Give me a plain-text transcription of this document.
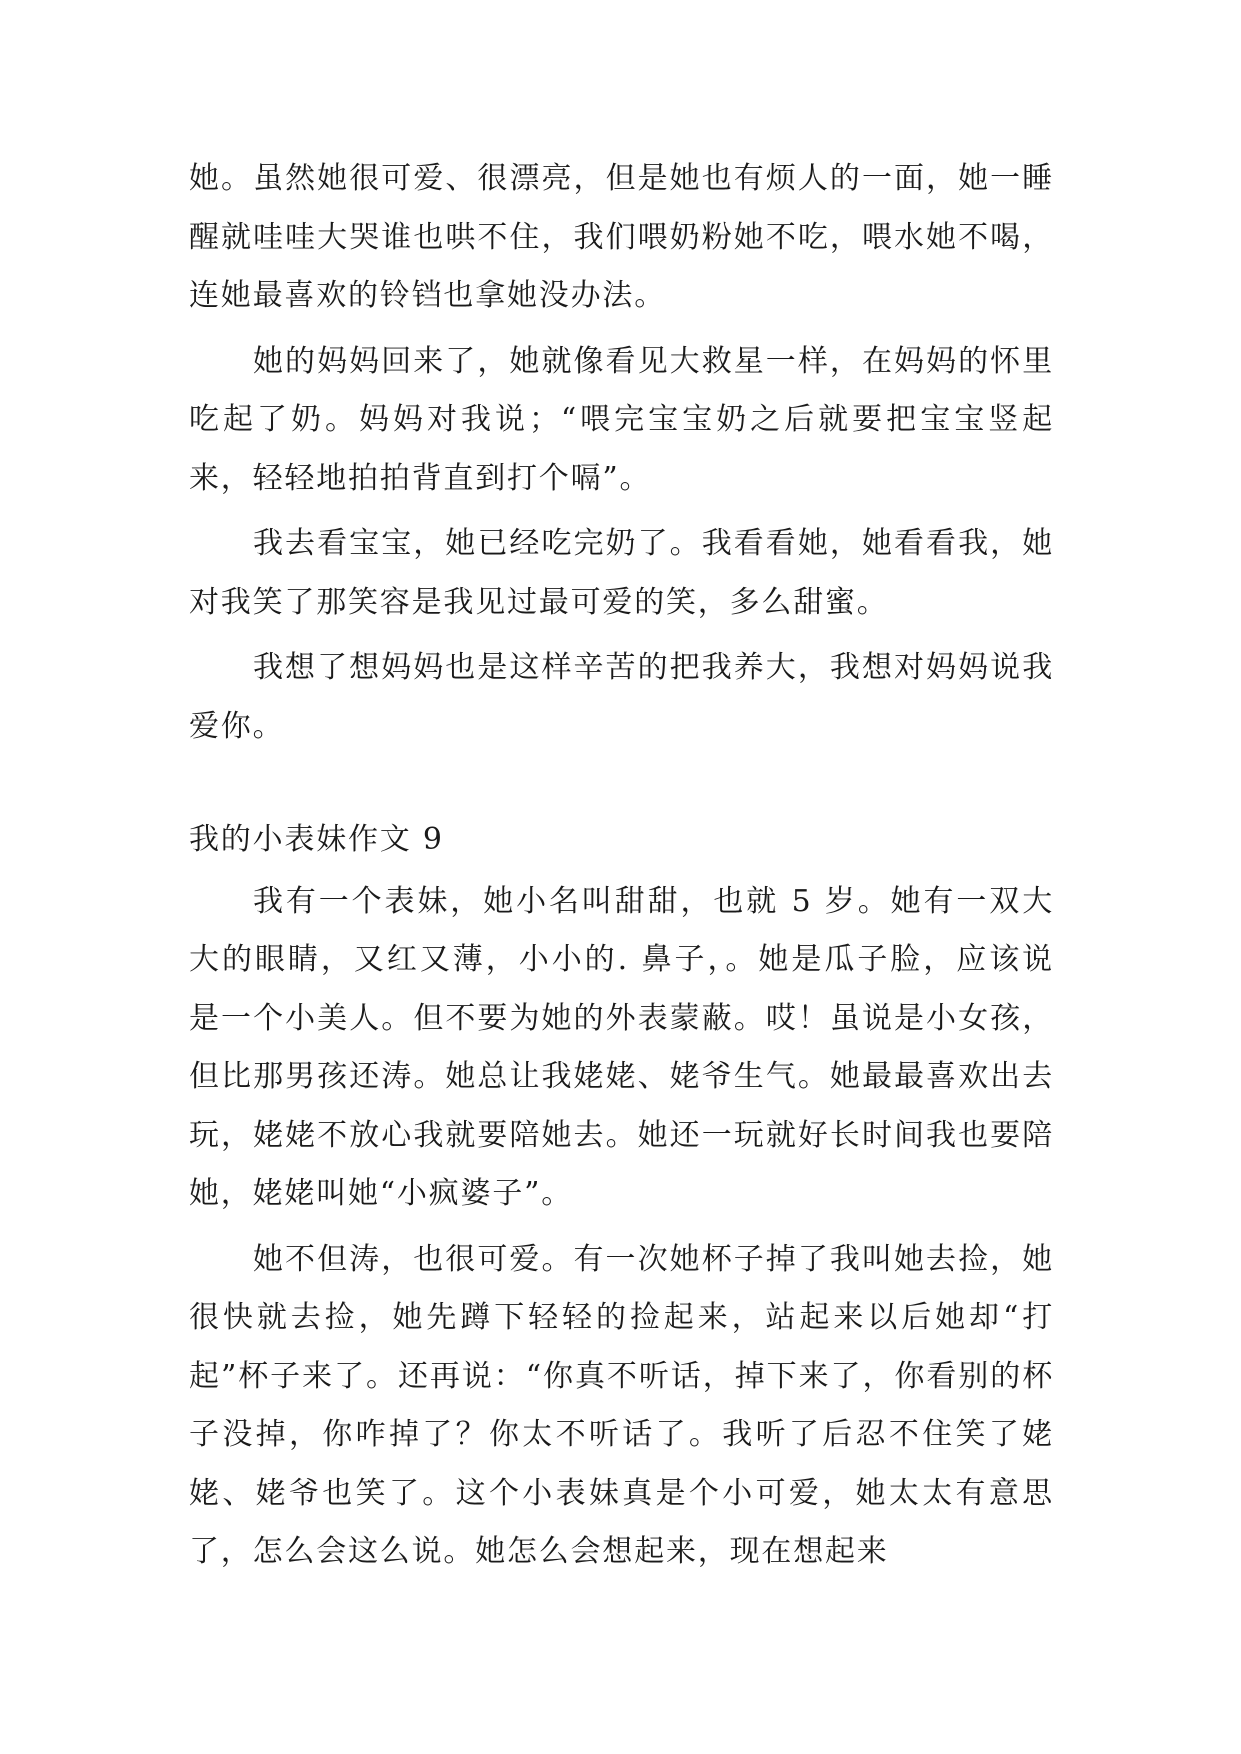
她。虽然她很可爱、很漂亮，但是她也有烦人的一面，她一睡醒就哇哇大哭谁也哄不住，我们喂奶粉她不吃，喂水她不喝，连她最喜欢的铃铛也拿她没办法。

她的妈妈回来了，她就像看见大救星一样，在妈妈的怀里吃起了奶。妈妈对我说；“喂完宝宝奶之后就要把宝宝竖起来，轻轻地拍拍背直到打个嗝”。

我去看宝宝，她已经吃完奶了。我看看她，她看看我，她对我笑了那笑容是我见过最可爱的笑，多么甜蜜。

我想了想妈妈也是这样辛苦的把我养大，我想对妈妈说我爱你。

我的小表妹作文 9

我有一个表妹，她小名叫甜甜，也就 5 岁。她有一双大大的眼睛，又红又薄，小小的. 鼻子，。她是瓜子脸，应该说是一个小美人。但不要为她的外表蒙蔽。哎！虽说是小女孩，但比那男孩还涛。她总让我姥姥、姥爷生气。她最最喜欢出去玩，姥姥不放心我就要陪她去。她还一玩就好长时间我也要陪她，姥姥叫她“小疯婆子”。

她不但涛，也很可爱。有一次她杯子掉了我叫她去捡，她很快就去捡，她先蹲下轻轻的捡起来，站起来以后她却“打起”杯子来了。还再说：“你真不听话，掉下来了，你看别的杯子没掉，你咋掉了？你太不听话了。我听了后忍不住笑了姥姥、姥爷也笑了。这个小表妹真是个小可爱，她太太有意思了，怎么会这么说。她怎么会想起来，现在想起来
